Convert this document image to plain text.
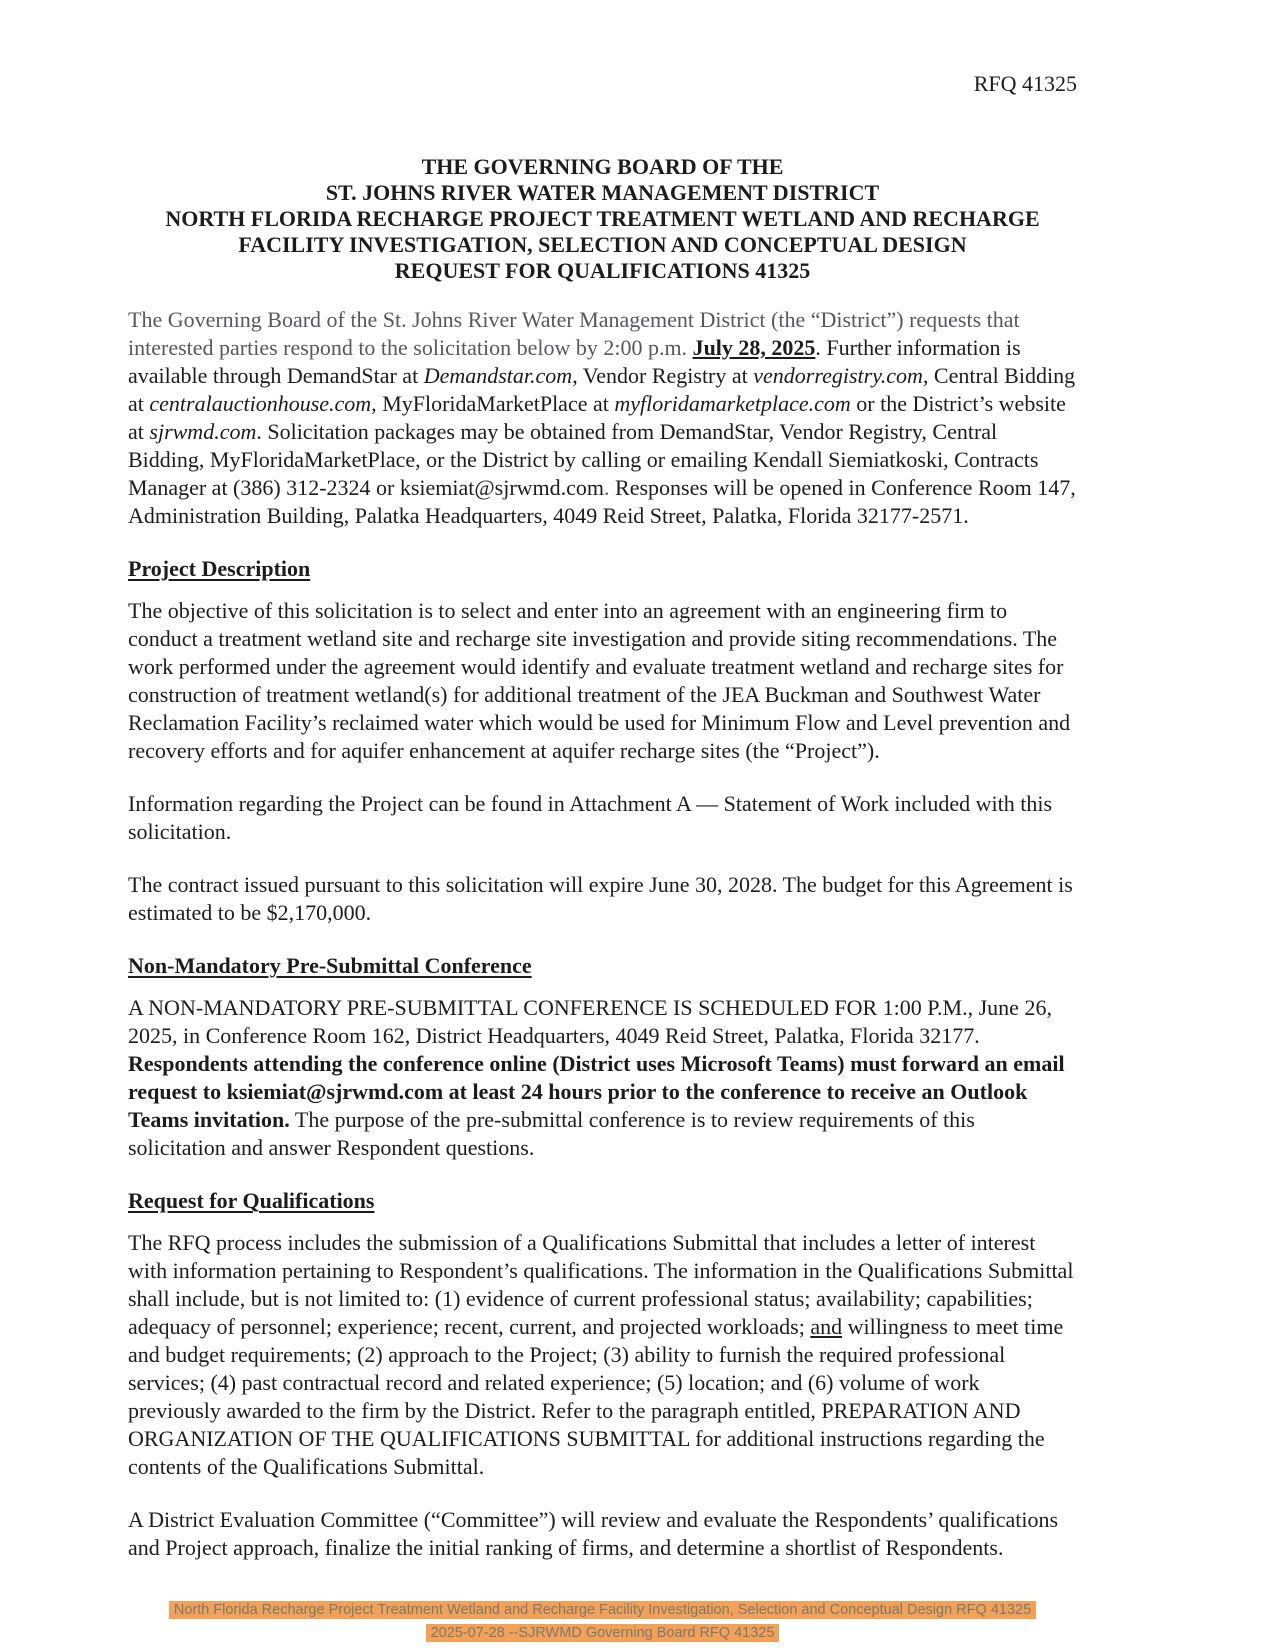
RFQ 41325
THE GOVERNING BOARD OF THE
ST. JOHNS RIVER WATER MANAGEMENT DISTRICT
NORTH FLORIDA RECHARGE PROJECT TREATMENT WETLAND AND RECHARGE
FACILITY INVESTIGATION, SELECTION AND CONCEPTUAL DESIGN
REQUEST FOR QUALIFICATIONS 41325

The Governing Board of the St. Johns River Water Management District (the “District”) requests that interested parties respond to the solicitation below by 2:00 p.m. July 28, 2025. Further information is available through DemandStar at Demandstar.com, Vendor Registry at vendorregistry.com, Central Bidding at centralauctionhouse.com, MyFloridaMarketPlace at myfloridamarketplace.com or the District’s website at sjrwmd.com. Solicitation packages may be obtained from DemandStar, Vendor Registry, Central Bidding, MyFloridaMarketPlace, or the District by calling or emailing Kendall Siemiatkoski, Contracts Manager at (386) 312-2324 or ksiemiat@sjrwmd.com. Responses will be opened in Conference Room 147, Administration Building, Palatka Headquarters, 4049 Reid Street, Palatka, Florida 32177-2571.

Project Description

The objective of this solicitation is to select and enter into an agreement with an engineering firm to conduct a treatment wetland site and recharge site investigation and provide siting recommendations. The work performed under the agreement would identify and evaluate treatment wetland and recharge sites for construction of treatment wetland(s) for additional treatment of the JEA Buckman and Southwest Water Reclamation Facility’s reclaimed water which would be used for Minimum Flow and Level prevention and recovery efforts and for aquifer enhancement at aquifer recharge sites (the “Project”).

Information regarding the Project can be found in Attachment A — Statement of Work included with this solicitation.

The contract issued pursuant to this solicitation will expire June 30, 2028. The budget for this Agreement is estimated to be $2,170,000.

Non-Mandatory Pre-Submittal Conference

A NON-MANDATORY PRE-SUBMITTAL CONFERENCE IS SCHEDULED FOR 1:00 P.M., June 26, 2025, in Conference Room 162, District Headquarters, 4049 Reid Street, Palatka, Florida 32177. Respondents attending the conference online (District uses Microsoft Teams) must forward an email request to ksiemiat@sjrwmd.com at least 24 hours prior to the conference to receive an Outlook Teams invitation. The purpose of the pre-submittal conference is to review requirements of this solicitation and answer Respondent questions.

Request for Qualifications

The RFQ process includes the submission of a Qualifications Submittal that includes a letter of interest with information pertaining to Respondent’s qualifications. The information in the Qualifications Submittal shall include, but is not limited to: (1) evidence of current professional status; availability; capabilities; adequacy of personnel; experience; recent, current, and projected workloads; and willingness to meet time and budget requirements; (2) approach to the Project; (3) ability to furnish the required professional services; (4) past contractual record and related experience; (5) location; and (6) volume of work previously awarded to the firm by the District. Refer to the paragraph entitled, PREPARATION AND ORGANIZATION OF THE QUALIFICATIONS SUBMITTAL for additional instructions regarding the contents of the Qualifications Submittal.

A District Evaluation Committee (“Committee”) will review and evaluate the Respondents’ qualifications and Project approach, finalize the initial ranking of firms, and determine a shortlist of Respondents.

North Florida Recharge Project Treatment Wetland and Recharge Facility Investigation, Selection and Conceptual Design RFQ 41325
2025-07-28 --SJRWMD Governing Board RFQ 41325
